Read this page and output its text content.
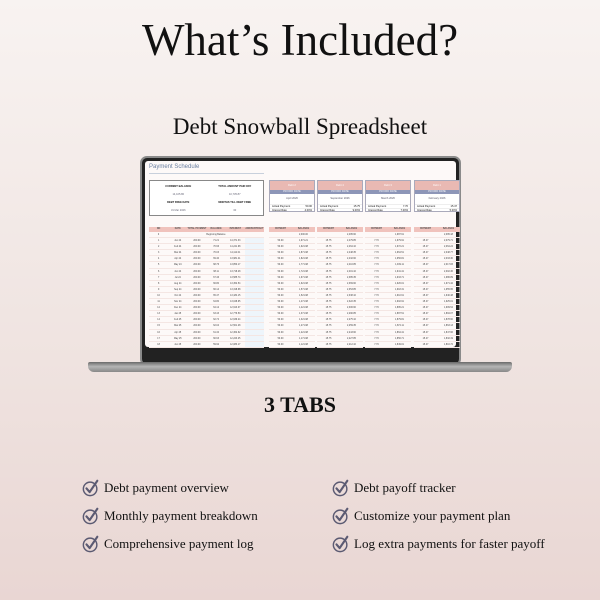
What’s Included?
Debt Snowball Spreadsheet
Payment Schedule
CURRENT BALANCE	TOTAL AMOUNT PAID OFF
14,105.80	10,735.87
DEBT FREE DATE	MONTHS TILL DEBT FREE
31 Mar 2026	30
Debt 2
PAYOFF DATE
April 2026
Actual Payment	50.00
Interest Rate	4.00%
Debt 4
PAYOFF DATE
September 2026
Actual Payment	15.75
Interest Rate	9.00%
Debt 3
PAYOFF DATE
March 2026
Actual Payment	7.70
Interest Rate	7.00%
Debt 1
PAYOFF DATE
February 2026
Actual Payment	15.47
Interest Rate	5.00%
NO	DATE	TOTAL PAYMENT	BALANCE	INTEREST	ADD/SUBTRACT
0	Beginning Balance
1	Jun 24	200.00	71.21	14,371.33
2	Feb 24	200.00	70.66	14,241.98
3	Mar 24	200.00	70.03	14,112.01
4	Apr 24	200.00	69.40	13,981.41
5	May 24	200.00	68.76	13,850.17
6	Jun 24	200.00	68.11	13,718.28
7	Jul 24	200.00	67.46	13,585.74
8	Aug 24	200.00	66.80	13,452.54
9	Sep 24	200.00	66.14	13,318.68
10	Oct 24	200.00	65.47	13,184.15
11	Nov 24	200.00	64.80	13,048.95
12	Dec 24	200.00	64.12	12,913.07
13	Jan 25	200.00	63.43	12,776.50
14	Feb 25	200.00	62.74	12,639.24
15	Mar 25	200.00	62.04	12,501.28
16	Apr 25	200.00	61.34	12,362.62
17	May 25	200.00	60.63	12,223.25
18	Jun 25	200.00	59.92	12,083.17
PAYMENT	BALANCE
2,000.00
50.00	1,971.21
50.00	1,921.98
50.00	1,871.98
50.00	1,821.98
50.00	1,771.98
50.00	1,721.98
50.00	1,671.98
50.00	1,621.98
50.00	1,571.98
50.00	1,521.98
50.00	1,471.98
50.00	1,421.98
50.00	1,371.98
50.00	1,321.98
50.00	1,271.98
50.00	1,221.98
50.00	1,171.98
50.00	1,121.98
PAYMENT	BALANCE
2,495.60
15.75	2,479.85
15.75	2,464.10
15.75	2,448.35
15.75	2,432.60
15.75	2,416.85
15.75	2,401.10
15.75	2,385.35
15.75	2,369.60
15.75	2,353.85
15.75	2,338.10
15.75	2,322.35
15.75	2,306.60
15.75	2,290.85
15.75	2,275.10
15.75	2,259.35
15.75	2,243.60
15.75	2,227.85
15.75	2,212.10
PAYMENT	BALANCE
1,987.61
7.70	1,979.91
7.70	1,972.21
7.70	1,964.51
7.70	1,956.81
7.70	1,949.11
7.70	1,941.41
7.70	1,933.71
7.70	1,926.01
7.70	1,918.31
7.70	1,910.61
7.70	1,902.91
7.70	1,895.21
7.70	1,887.51
7.70	1,879.81
7.70	1,872.11
7.70	1,864.41
7.70	1,856.71
7.70	1,849.01
PAYMENT	BALANCE
2,095.18
15.47	2,079.71
15.47	2,064.24
15.47	2,048.77
15.47	2,033.30
15.47	2,017.83
15.47	2,002.36
15.47	1,986.89
15.47	1,971.42
15.47	1,955.95
15.47	1,940.48
15.47	1,925.01
15.47	1,909.54
15.47	1,894.07
15.47	1,878.60
15.47	1,863.13
15.47	1,847.66
15.47	1,832.19
15.47	1,816.72
3 TABS
Debt payment overview
Monthly payment breakdown
Comprehensive payment log
Debt payoff tracker
Customize your payment plan
Log extra payments for faster payoff
